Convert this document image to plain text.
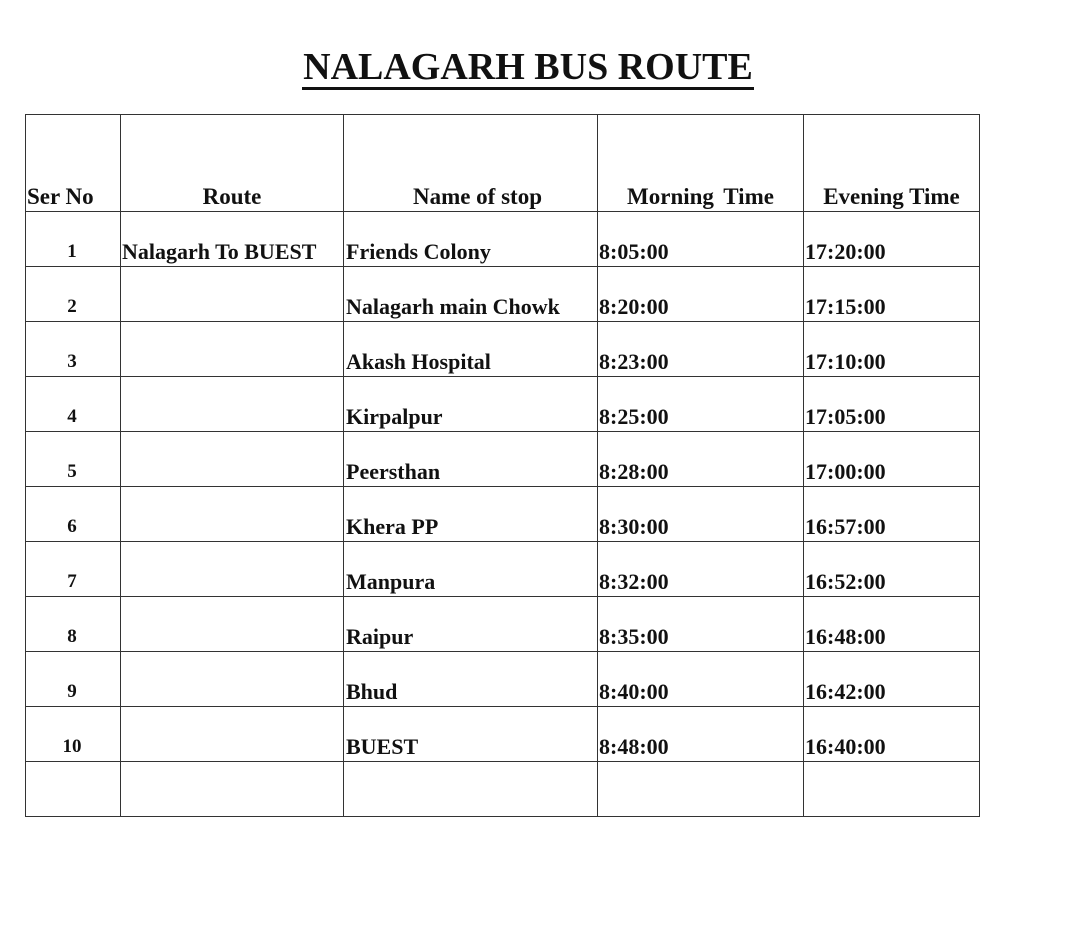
NALAGARH BUS ROUTE
Ser No	Route	Name of stop	Morning Time	Evening Time
1	Nalagarh To BUEST	Friends Colony	8:05:00	17:20:00
2		Nalagarh main Chowk	8:20:00	17:15:00
3		Akash Hospital	8:23:00	17:10:00
4		Kirpalpur	8:25:00	17:05:00
5		Peersthan	8:28:00	17:00:00
6		Khera PP	8:30:00	16:57:00
7		Manpura	8:32:00	16:52:00
8		Raipur	8:35:00	16:48:00
9		Bhud	8:40:00	16:42:00
10		BUEST	8:48:00	16:40:00
